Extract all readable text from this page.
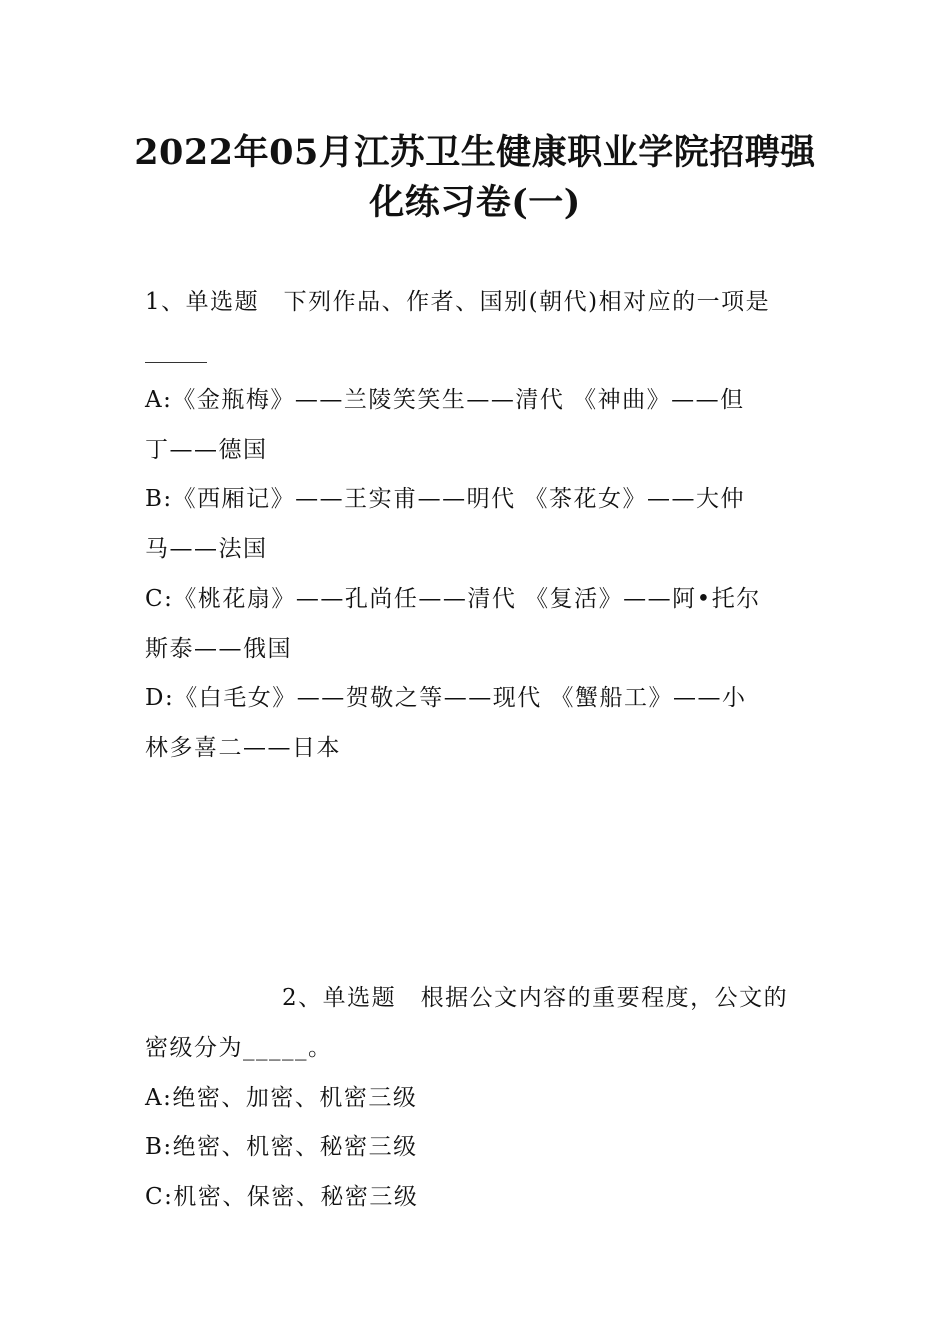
2022年05月江苏卫生健康职业学院招聘强
化练习卷(一)
1、单选题　下列作品、作者、国别(朝代)相对应的一项是
A:《金瓶梅》——兰陵笑笑生——清代 《神曲》——但
丁——德国
B:《西厢记》——王实甫——明代 《茶花女》——大仲
马——法国
C:《桃花扇》——孔尚任——清代 《复活》——阿•托尔
斯泰——俄国
D:《白毛女》——贺敬之等——现代 《蟹船工》——小
林多喜二——日本
2、单选题　根据公文内容的重要程度，公文的
密级分为_____。
A:绝密、加密、机密三级
B:绝密、机密、秘密三级
C:机密、保密、秘密三级
